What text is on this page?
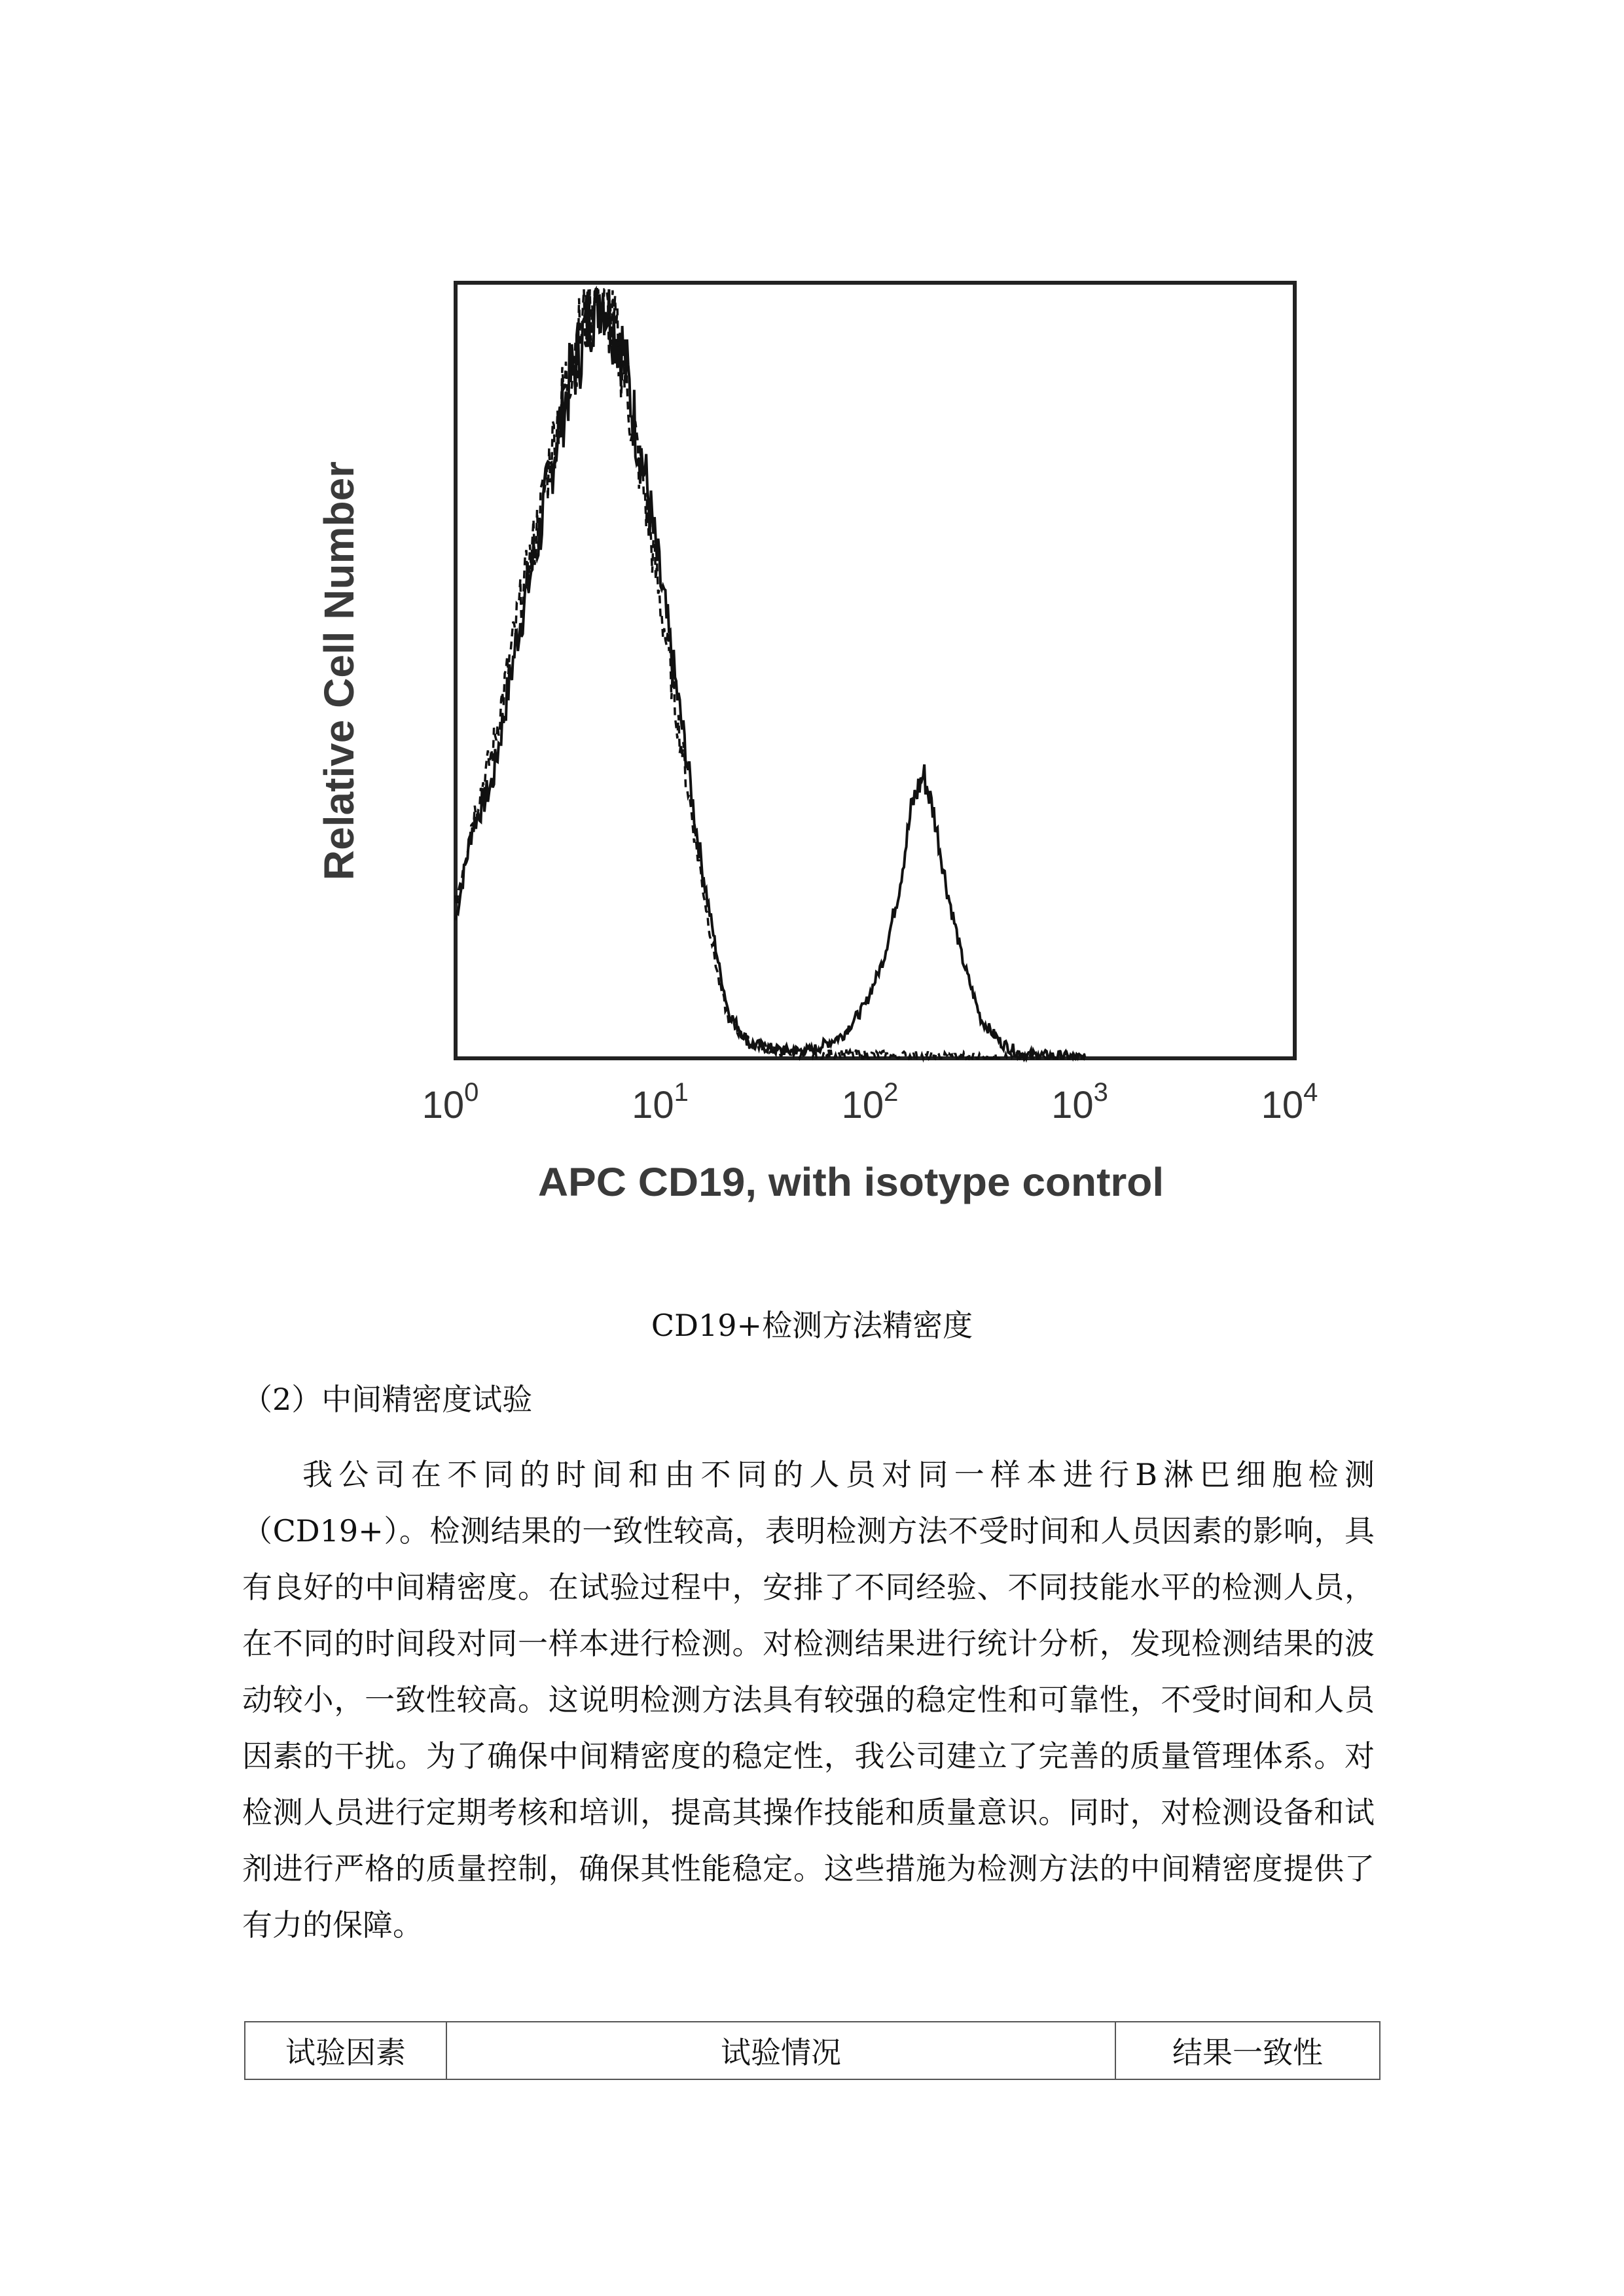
$10^0$	$10^1$	$10^2$	$10^3$	$10^4$
Relative Cell Number
APC CD19, with isotype control
CD19+检测方法精密度
（2）中间精密度试验
我公司在不同的时间和由不同的人员对同一样本进行B淋巴细胞检测（CD19+）。检测结果的一致性较高，表明检测方法不受时间和人员因素的影响，具有良好的中间精密度。在试验过程中，安排了不同经验、不同技能水平的检测人员，在不同的时间段对同一样本进行检测。对检测结果进行统计分析，发现检测结果的波动较小，一致性较高。这说明检测方法具有较强的稳定性和可靠性，不受时间和人员因素的干扰。为了确保中间精密度的稳定性，我公司建立了完善的质量管理体系。对检测人员进行定期考核和培训，提高其操作技能和质量意识。同时，对检测设备和试剂进行严格的质量控制，确保其性能稳定。这些措施为检测方法的中间精密度提供了有力的保障。
试验因素	试验情况	结果一致性
